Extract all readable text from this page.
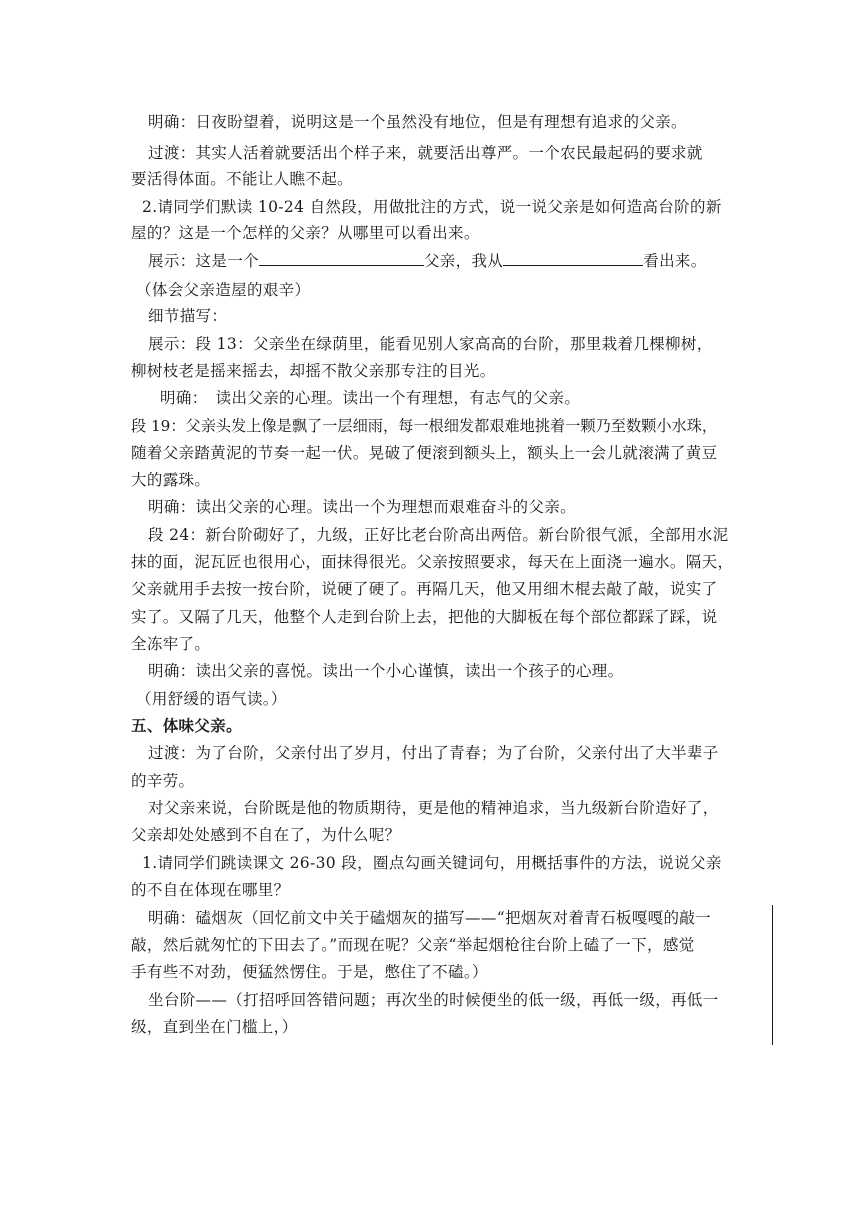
明确：日夜盼望着，说明这是一个虽然没有地位，但是有理想有追求的父亲。
过渡：其实人活着就要活出个样子来，就要活出尊严。一个农民最起码的要求就
要活得体面。不能让人瞧不起。
2.请同学们默读 10-24 自然段，用做批注的方式，说一说父亲是如何造高台阶的新
屋的？这是一个怎样的父亲？从哪里可以看出来。
展示：这是一个	父亲，我从	看出来。
（体会父亲造屋的艰辛）
细节描写：
展示：段 13：父亲坐在绿荫里，能看见别人家高高的台阶，那里栽着几棵柳树，
柳树枝老是摇来摇去，却摇不散父亲那专注的目光。
明确：　读出父亲的心理。读出一个有理想，有志气的父亲。
段 19：父亲头发上像是飘了一层细雨，每一根细发都艰难地挑着一颗乃至数颗小水珠，
随着父亲踏黄泥的节奏一起一伏。晃破了便滚到额头上，额头上一会儿就滚满了黄豆
大的露珠。
明确：读出父亲的心理。读出一个为理想而艰难奋斗的父亲。
段 24：新台阶砌好了，九级，正好比老台阶高出两倍。新台阶很气派，全部用水泥
抹的面，泥瓦匠也很用心，面抹得很光。父亲按照要求，每天在上面浇一遍水。隔天，
父亲就用手去按一按台阶，说硬了硬了。再隔几天，他又用细木棍去敲了敲，说实了
实了。又隔了几天，他整个人走到台阶上去，把他的大脚板在每个部位都踩了踩，说
全冻牢了。
明确：读出父亲的喜悦。读出一个小心谨慎，读出一个孩子的心理。
（用舒缓的语气读。）
五、体味父亲。
过渡：为了台阶，父亲付出了岁月，付出了青春；为了台阶，父亲付出了大半辈子
的辛劳。
对父亲来说，台阶既是他的物质期待，更是他的精神追求，当九级新台阶造好了，
父亲却处处感到不自在了，为什么呢？
1.请同学们跳读课文 26-30 段，圈点勾画关键词句，用概括事件的方法，说说父亲
的不自在体现在哪里？
明确：磕烟灰（回忆前文中关于磕烟灰的描写——“把烟灰对着青石板嘎嘎的敲一
敲，然后就匆忙的下田去了。”而现在呢？父亲“举起烟枪往台阶上磕了一下，感觉
手有些不对劲，便猛然愣住。于是，憋住了不磕。）
坐台阶——（打招呼回答错问题；再次坐的时候便坐的低一级，再低一级，再低一
级，直到坐在门槛上，）
